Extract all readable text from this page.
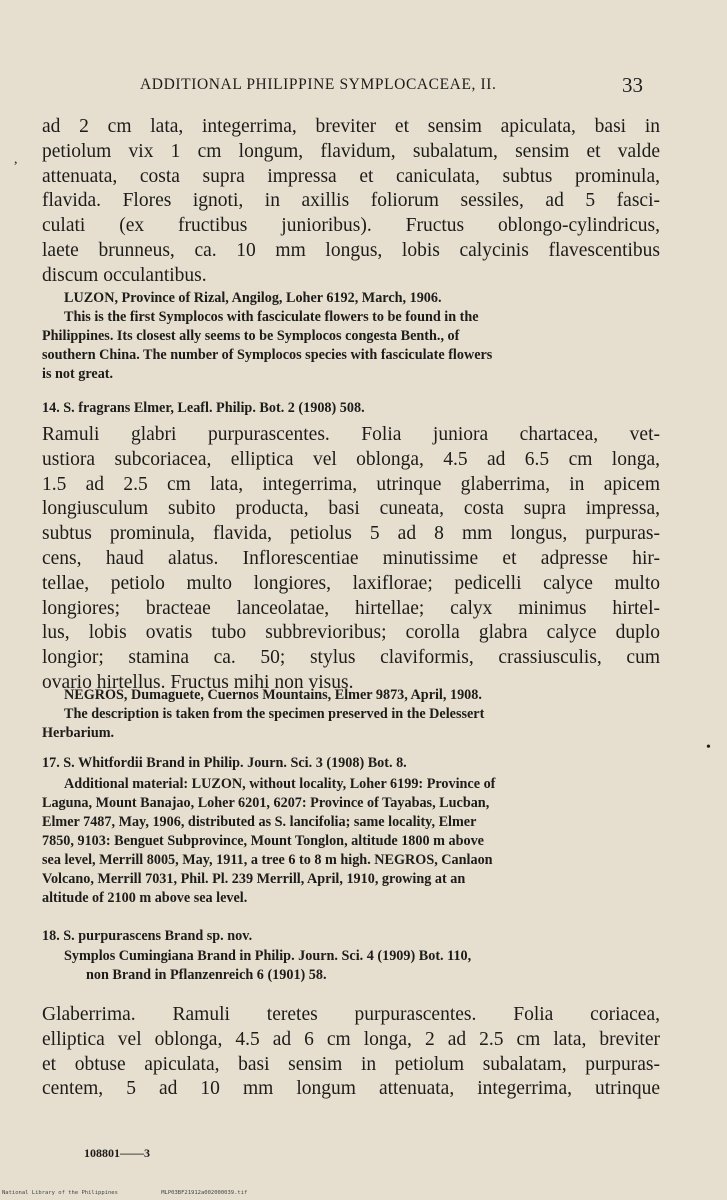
ADDITIONAL PHILIPPINE SYMPLOCACEAE, II.	33
ad 2 cm lata, integerrima, breviter et sensim apiculata, basi in
petiolum vix 1 cm longum, flavidum, subalatum, sensim et valde
attenuata, costa supra impressa et caniculata, subtus prominula,
flavida. Flores ignoti, in axillis foliorum sessiles, ad 5 fasci-
culati (ex fructibus junioribus). Fructus oblongo-cylindricus,
laete brunneus, ca. 10 mm longus, lobis calycinis flavescentibus
discum occulantibus.
LUZON, Province of Rizal, Angilog, Loher 6192, March, 1906.
This is the first Symplocos with fasciculate flowers to be found in the
Philippines. Its closest ally seems to be Symplocos congesta Benth., of
southern China. The number of Symplocos species with fasciculate flowers
is not great.
14. S. fragrans Elmer, Leafl. Philip. Bot. 2 (1908) 508.
Ramuli glabri purpurascentes. Folia juniora chartacea, vet-
ustiora subcoriacea, elliptica vel oblonga, 4.5 ad 6.5 cm longa,
1.5 ad 2.5 cm lata, integerrima, utrinque glaberrima, in apicem
longiusculum subito producta, basi cuneata, costa supra impressa,
subtus prominula, flavida, petiolus 5 ad 8 mm longus, purpuras-
cens, haud alatus. Inflorescentiae minutissime et adpresse hir-
tellae, petiolo multo longiores, laxiflorae; pedicelli calyce multo
longiores; bracteae lanceolatae, hirtellae; calyx minimus hirtel-
lus, lobis ovatis tubo subbrevioribus; corolla glabra calyce duplo
longior; stamina ca. 50; stylus claviformis, crassiusculis, cum
ovario hirtellus. Fructus mihi non visus.
NEGROS, Dumaguete, Cuernos Mountains, Elmer 9873, April, 1908.
The description is taken from the specimen preserved in the Delessert
Herbarium.
17. S. Whitfordii Brand in Philip. Journ. Sci. 3 (1908) Bot. 8.
Additional material: LUZON, without locality, Loher 6199: Province of
Laguna, Mount Banajao, Loher 6201, 6207: Province of Tayabas, Lucban,
Elmer 7487, May, 1906, distributed as S. lancifolia; same locality, Elmer
7850, 9103: Benguet Subprovince, Mount Tonglon, altitude 1800 m above
sea level, Merrill 8005, May, 1911, a tree 6 to 8 m high. NEGROS, Canlaon
Volcano, Merrill 7031, Phil. Pl. 239 Merrill, April, 1910, growing at an
altitude of 2100 m above sea level.
18. S. purpurascens Brand sp. nov.
Symplos Cumingiana Brand in Philip. Journ. Sci. 4 (1909) Bot. 110,
non Brand in Pflanzenreich 6 (1901) 58.
Glaberrima. Ramuli teretes purpurascentes. Folia coriacea,
elliptica vel oblonga, 4.5 ad 6 cm longa, 2 ad 2.5 cm lata, breviter
et obtuse apiculata, basi sensim in petiolum subalatam, purpuras-
centem, 5 ad 10 mm longum attenuata, integerrima, utrinque
108801——3
,
•
National Library of the Philippines	MLP03BF21912a002000039.tif
